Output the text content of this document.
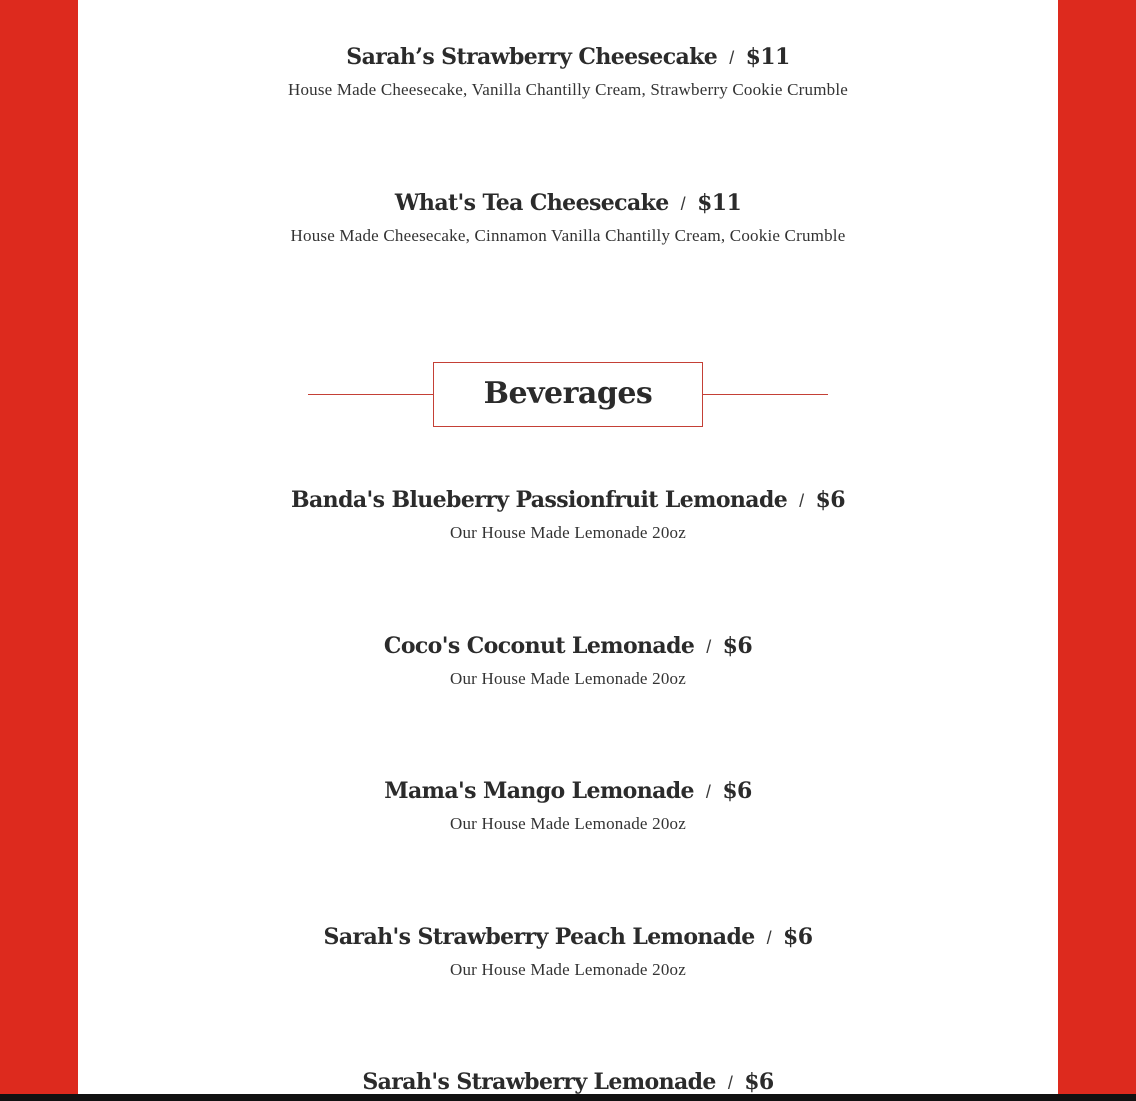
Sarah’s Strawberry Cheesecake / $11
House Made Cheesecake, Vanilla Chantilly Cream, Strawberry Cookie Crumble
What's Tea Cheesecake / $11
House Made Cheesecake, Cinnamon Vanilla Chantilly Cream, Cookie Crumble
Beverages
Banda's Blueberry Passionfruit Lemonade / $6
Our House Made Lemonade 20oz
Coco's Coconut Lemonade / $6
Our House Made Lemonade 20oz
Mama's Mango Lemonade / $6
Our House Made Lemonade 20oz
Sarah's Strawberry Peach Lemonade / $6
Our House Made Lemonade 20oz
Sarah's Strawberry Lemonade / $6
